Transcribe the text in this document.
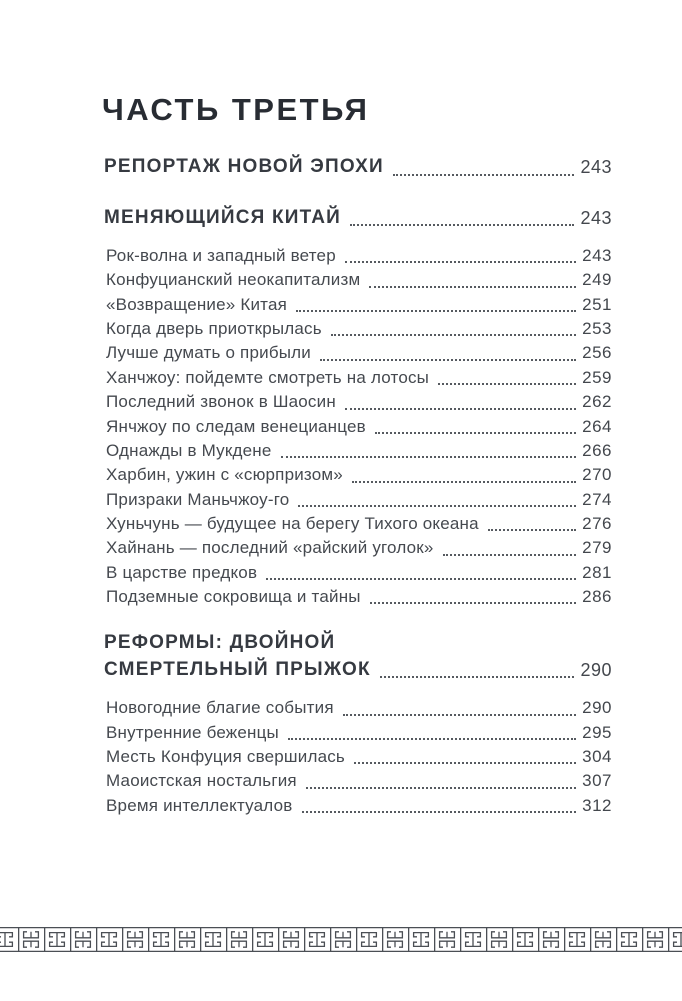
ЧАСТЬ ТРЕТЬЯ
РЕПОРТАЖ НОВОЙ ЭПОХИ	243
МЕНЯЮЩИЙСЯ КИТАЙ	243
Рок-волна и западный ветер	243
Конфуцианский неокапитализм	249
«Возвращение» Китая	251
Когда дверь приоткрылась	253
Лучше думать о прибыли	256
Ханчжоу: пойдемте смотреть на лотосы	259
Последний звонок в Шаосин	262
Янчжоу по следам венецианцев	264
Однажды в Мукдене	266
Харбин, ужин с «сюрпризом»	270
Призраки Маньчжоу-го	274
Хуньчунь — будущее на берегу Тихого океана	276
Хайнань — последний «райский уголок»	279
В царстве предков	281
Подземные сокровища и тайны	286
РЕФОРМЫ: ДВОЙНОЙ
СМЕРТЕЛЬНЫЙ ПРЫЖОК	290
Новогодние благие события	290
Внутренние беженцы	295
Месть Конфуция свершилась	304
Маоистская ностальгия	307
Время интеллектуалов	312
